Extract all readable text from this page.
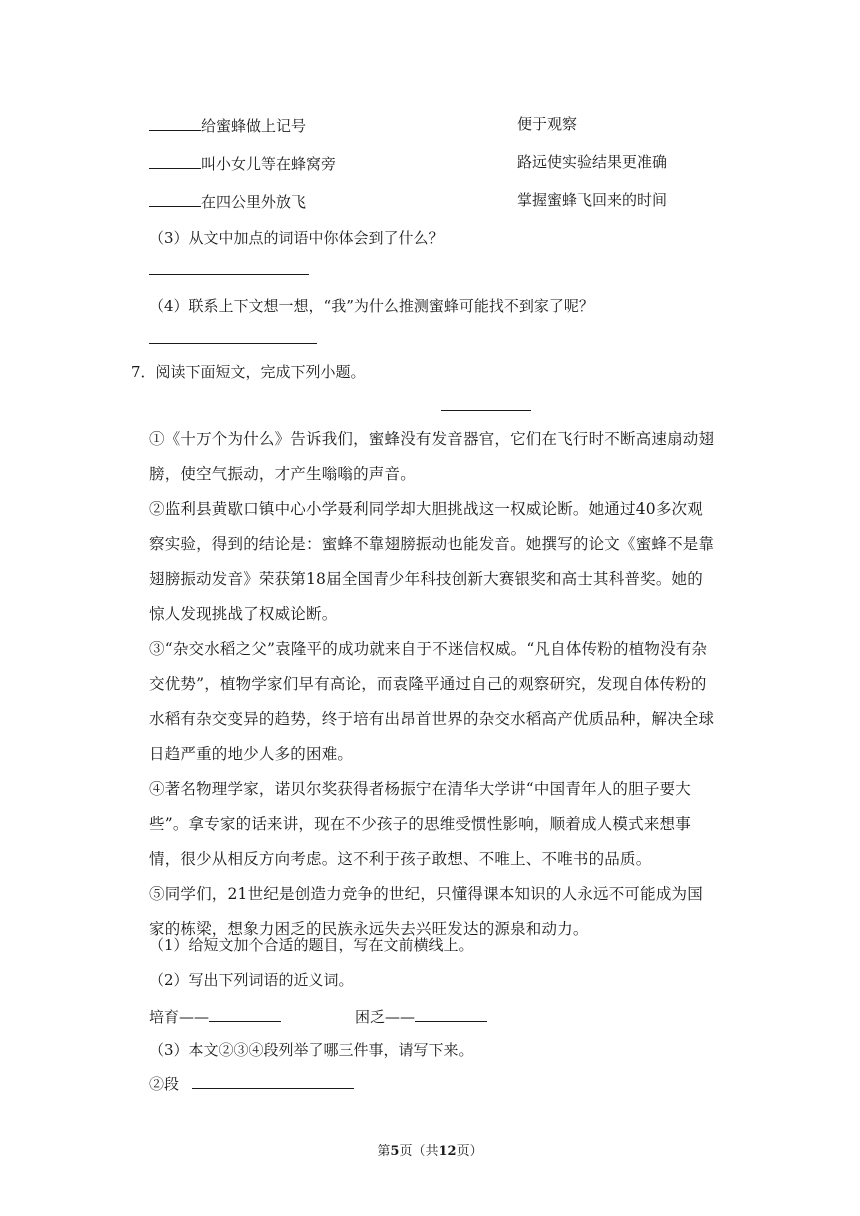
给蜜蜂做上记号	便于观察
叫小女儿等在蜂窝旁	路远使实验结果更准确
在四公里外放飞	掌握蜜蜂飞回来的时间
（3）从文中加点的词语中你体会到了什么？
（4）联系上下文想一想，“我”为什么推测蜜蜂可能找不到家了呢？
7．阅读下面短文，完成下列小题。
①《十万个为什么》告诉我们，蜜蜂没有发音器官，它们在飞行时不断高速扇动翅膀，使空气振动，才产生嗡嗡的声音。
②监利县黄歇口镇中心小学聂利同学却大胆挑战这一权威论断。她通过40多次观察实验，得到的结论是：蜜蜂不靠翅膀振动也能发音。她撰写的论文《蜜蜂不是靠翅膀振动发音》荣获第18届全国青少年科技创新大赛银奖和高士其科普奖。她的惊人发现挑战了权威论断。
③“杂交水稻之父”袁隆平的成功就来自于不迷信权威。“凡自体传粉的植物没有杂交优势”，植物学家们早有高论，而袁隆平通过自己的观察研究，发现自体传粉的水稻有杂交变异的趋势，终于培有出昂首世界的杂交水稻高产优质品种，解决全球日趋严重的地少人多的困难。
④著名物理学家，诺贝尔奖获得者杨振宁在清华大学讲“中国青年人的胆子要大些”。拿专家的话来讲，现在不少孩子的思维受惯性影响，顺着成人模式来想事情，很少从相反方向考虑。这不利于孩子敢想、不唯上、不唯书的品质。
⑤同学们，21世纪是创造力竞争的世纪，只懂得课本知识的人永远不可能成为国家的栋梁，想象力困乏的民族永远失去兴旺发达的源泉和动力。
（1）给短文加个合适的题目，写在文前横线上。
（2）写出下列词语的近义词。
培育——	困乏——
（3）本文②③④段列举了哪三件事，请写下来。
②段
第5页（共12页）
